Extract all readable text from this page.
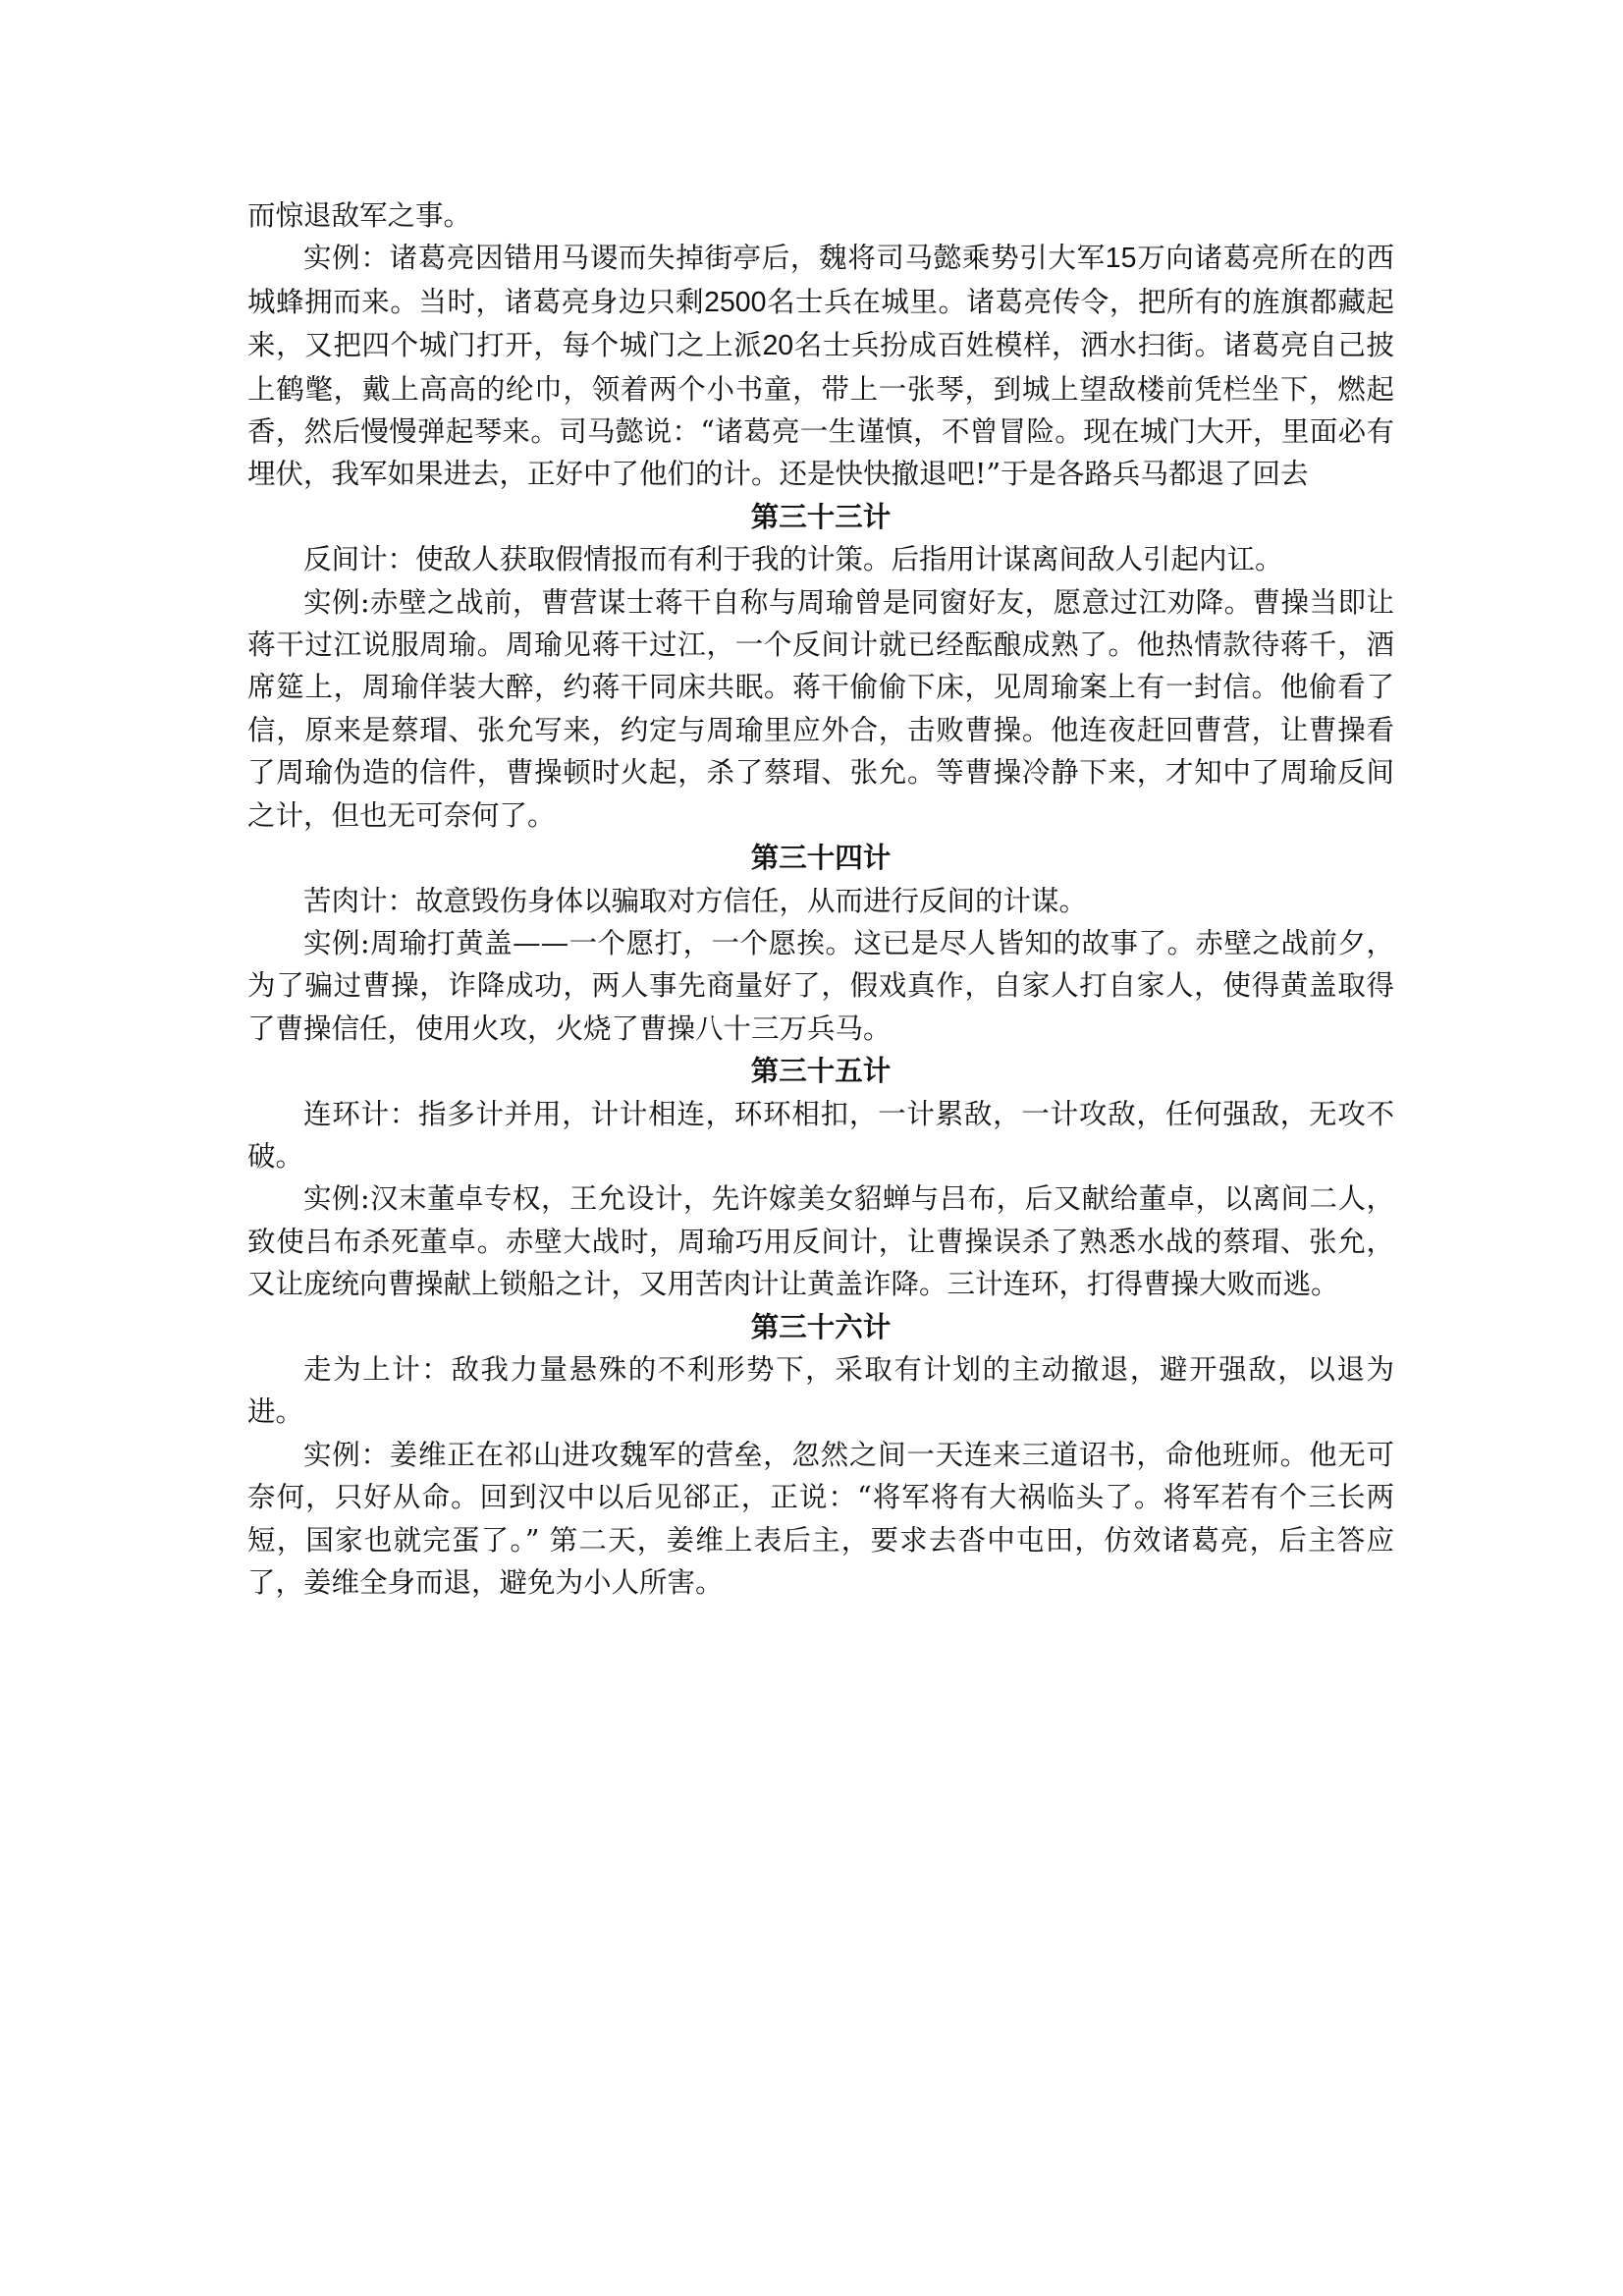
而惊退敌军之事。

实例：诸葛亮因错用马谡而失掉街亭后，魏将司马懿乘势引大军15万向诸葛亮所在的西城蜂拥而来。当时，诸葛亮身边只剩2500名士兵在城里。诸葛亮传令，把所有的旌旗都藏起来，又把四个城门打开，每个城门之上派20名士兵扮成百姓模样，洒水扫街。诸葛亮自己披上鹤氅，戴上高高的纶巾，领着两个小书童，带上一张琴，到城上望敌楼前凭栏坐下，燃起香，然后慢慢弹起琴来。司马懿说：“诸葛亮一生谨慎，不曾冒险。现在城门大开，里面必有埋伏，我军如果进去，正好中了他们的计。还是快快撤退吧!”于是各路兵马都退了回去

第三十三计

反间计：使敌人获取假情报而有利于我的计策。后指用计谋离间敌人引起内讧。

实例:赤壁之战前，曹营谋士蒋干自称与周瑜曾是同窗好友，愿意过江劝降。曹操当即让蒋干过江说服周瑜。周瑜见蒋干过江，一个反间计就已经酝酿成熟了。他热情款待蒋千，酒席筵上，周瑜佯装大醉，约蒋干同床共眠。蒋干偷偷下床，见周瑜案上有一封信。他偷看了信，原来是蔡瑁、张允写来，约定与周瑜里应外合，击败曹操。他连夜赶回曹营，让曹操看了周瑜伪造的信件，曹操顿时火起，杀了蔡瑁、张允。等曹操冷静下来，才知中了周瑜反间之计，但也无可奈何了。

第三十四计

苦肉计：故意毁伤身体以骗取对方信任，从而进行反间的计谋。

实例:周瑜打黄盖——一个愿打，一个愿挨。这已是尽人皆知的故事了。赤壁之战前夕，为了骗过曹操，诈降成功，两人事先商量好了，假戏真作，自家人打自家人，使得黄盖取得了曹操信任，使用火攻，火烧了曹操八十三万兵马。

第三十五计

连环计：指多计并用，计计相连，环环相扣，一计累敌，一计攻敌，任何强敌，无攻不破。

实例:汉末董卓专权，王允设计，先许嫁美女貂蝉与吕布，后又献给董卓，以离间二人，致使吕布杀死董卓。赤壁大战时，周瑜巧用反间计，让曹操误杀了熟悉水战的蔡瑁、张允，又让庞统向曹操献上锁船之计，又用苦肉计让黄盖诈降。三计连环，打得曹操大败而逃。

第三十六计

走为上计：敌我力量悬殊的不利形势下，采取有计划的主动撤退，避开强敌，以退为进。

实例：姜维正在祁山进攻魏军的营垒，忽然之间一天连来三道诏书，命他班师。他无可奈何，只好从命。回到汉中以后见郤正，正说：“将军将有大祸临头了。将军若有个三长两短，国家也就完蛋了。” 第二天，姜维上表后主，要求去沓中屯田，仿效诸葛亮，后主答应了，姜维全身而退，避免为小人所害。
